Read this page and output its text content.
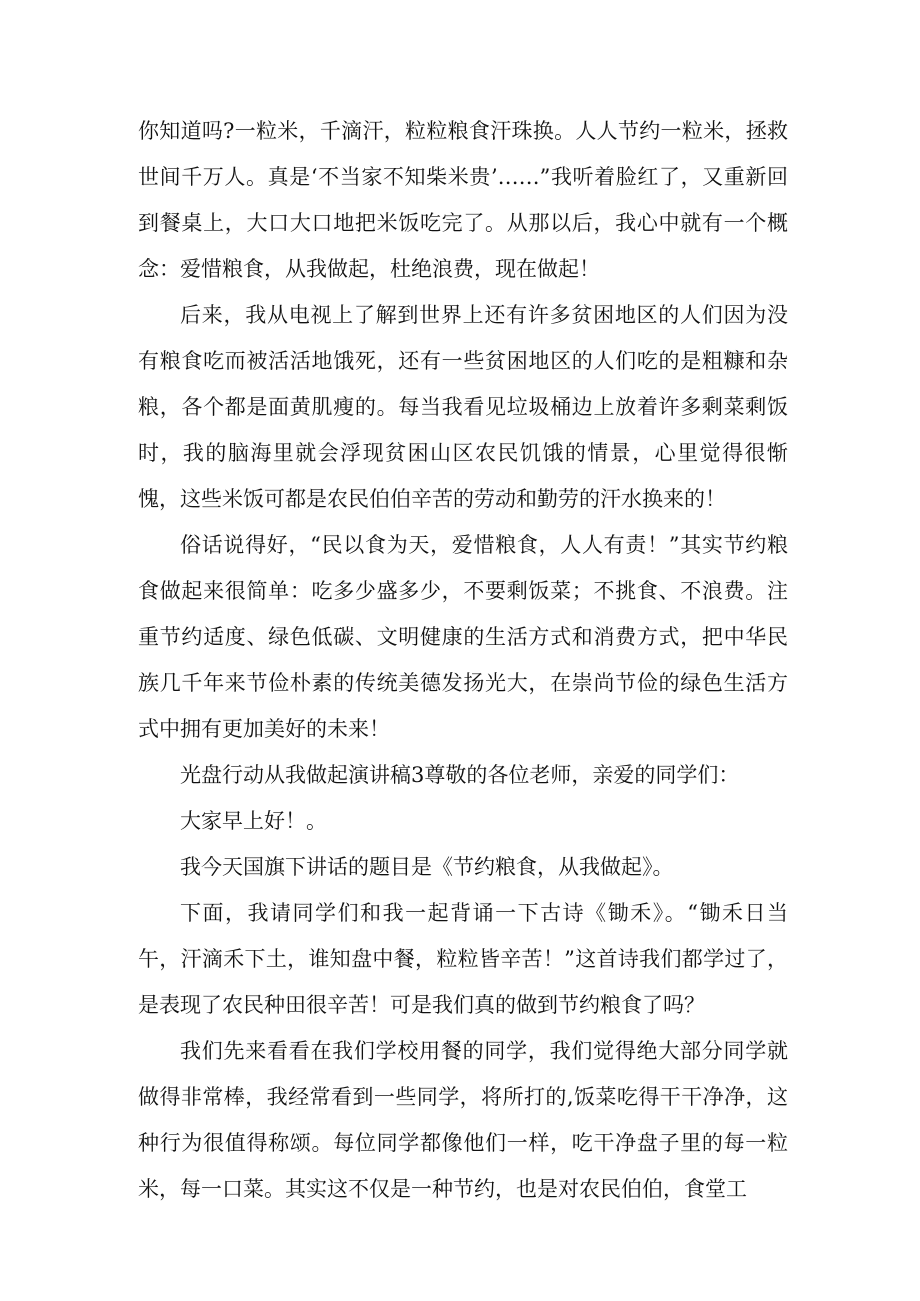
你知道吗?一粒米，千滴汗，粒粒粮食汗珠换。人人节约一粒米，拯救世间千万人。真是‘不当家不知柴米贵’……”我听着脸红了，又重新回到餐桌上，大口大口地把米饭吃完了。从那以后，我心中就有一个概念：爱惜粮食，从我做起，杜绝浪费，现在做起！

后来，我从电视上了解到世界上还有许多贫困地区的人们因为没有粮食吃而被活活地饿死，还有一些贫困地区的人们吃的是粗糠和杂粮，各个都是面黄肌瘦的。每当我看见垃圾桶边上放着许多剩菜剩饭时，我的脑海里就会浮现贫困山区农民饥饿的情景，心里觉得很惭愧，这些米饭可都是农民伯伯辛苦的劳动和勤劳的汗水换来的！

俗话说得好，“民以食为天，爱惜粮食，人人有责！”其实节约粮食做起来很简单：吃多少盛多少，不要剩饭菜；不挑食、不浪费。注重节约适度、绿色低碳、文明健康的生活方式和消费方式，把中华民族几千年来节俭朴素的传统美德发扬光大，在崇尚节俭的绿色生活方式中拥有更加美好的未来！

光盘行动从我做起演讲稿3尊敬的各位老师，亲爱的同学们：

大家早上好！。

我今天国旗下讲话的题目是《节约粮食，从我做起》。

下面，我请同学们和我一起背诵一下古诗《锄禾》。“锄禾日当午，汗滴禾下土，谁知盘中餐，粒粒皆辛苦！”这首诗我们都学过了，是表现了农民种田很辛苦！可是我们真的做到节约粮食了吗？

我们先来看看在我们学校用餐的同学，我们觉得绝大部分同学就做得非常棒，我经常看到一些同学，将所打的,饭菜吃得干干净净，这种行为很值得称颂。每位同学都像他们一样，吃干净盘子里的每一粒米，每一口菜。其实这不仅是一种节约，也是对农民伯伯，食堂工
